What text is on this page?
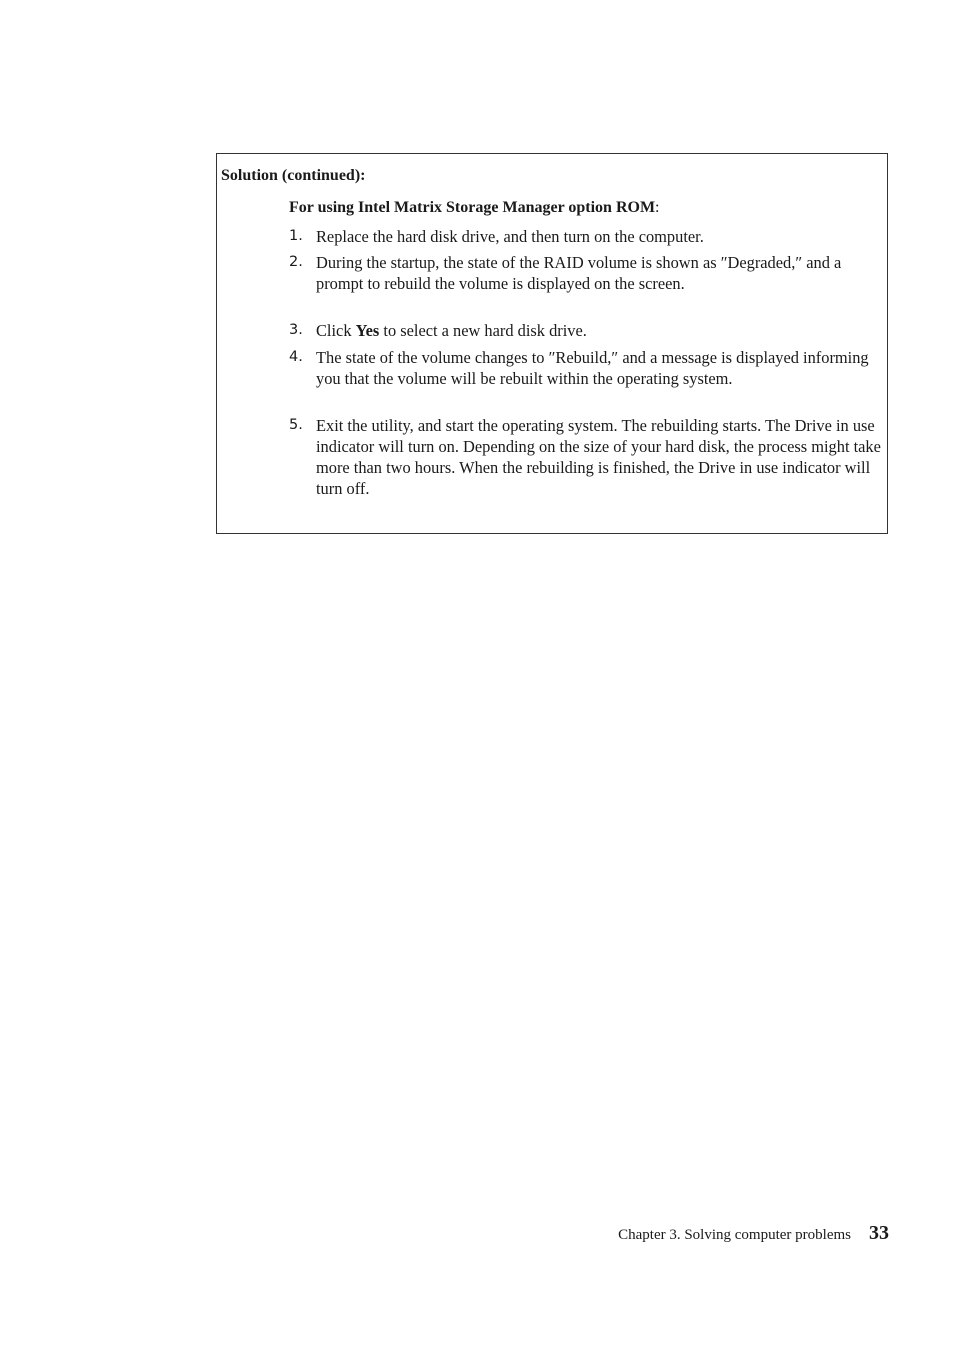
Solution (continued):
For using Intel Matrix Storage Manager option ROM:
1. Replace the hard disk drive, and then turn on the computer.
2. During the startup, the state of the RAID volume is shown as ″Degraded,″ and a prompt to rebuild the volume is displayed on the screen.
3. Click Yes to select a new hard disk drive.
4. The state of the volume changes to ″Rebuild,″ and a message is displayed informing you that the volume will be rebuilt within the operating system.
5. Exit the utility, and start the operating system. The rebuilding starts. The Drive in use indicator will turn on. Depending on the size of your hard disk, the process might take more than two hours. When the rebuilding is finished, the Drive in use indicator will turn off.
Chapter 3. Solving computer problems 33
